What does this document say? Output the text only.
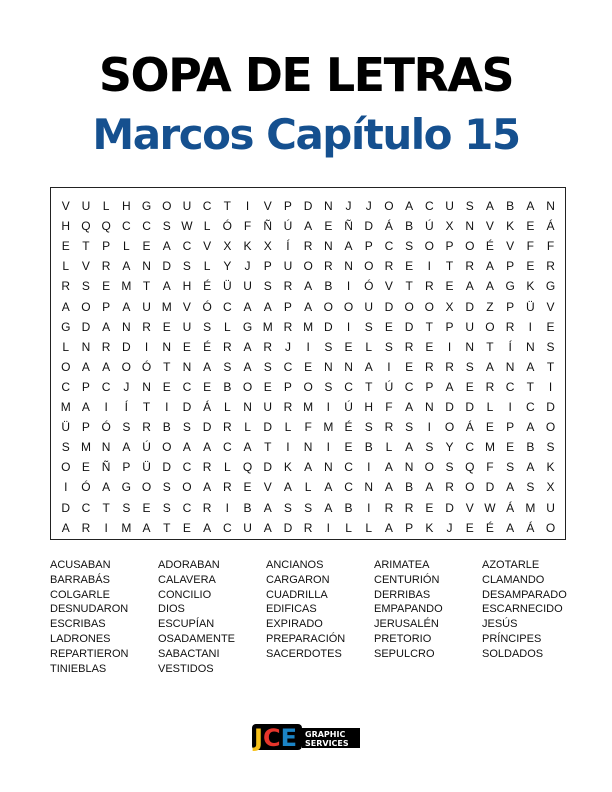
SOPA DE LETRAS
Marcos Capítulo 15
V U	L	H G O U C T	I	V P D N	J	J	O A C U S A B A N
H Q Q C C S W L Ó F Ñ Ú A E Ñ D Á B Ú X N V K E Á
E	T	P	L	E A C V X K X	Í	R N A P C S O P O É V	F	F
L	V R A N D S	L	Y	J	P U O R N O R E	I	T R A P E R
R S E M T	A H É Ü U S R A B	I	Ó V	T R E A A G K G
A O P A U M V Ó C A A P A O O U D O O X D Z	P Ü V
G D A N R E U S	L G M R M D	I	S E D T	P U O R	I	E
L	N R D	I	N E É R A R	J	I	S E	L	S R E	I	N T	Í	N S
O A A O Ó T N A S A S C E N N A	I	E R R S A N A	T
C P C	J	N E C E B O E P O S C T Ú C P A E R C T	I
M A	I	Í	T	I	D Á	L	N U R M	I	Ú H F	A N D D	L	I	C D
Ü P Ó S R B S D R	L	D	L	F M É S R S	I	O Á E P A O
S M N A Ú O A A C A	T	I	N	I	E B	L	A S Y C M E B S
O E Ñ P Ü D C R	L Q D K A N C	I	A N O S Q F	S A K
I	Ó A G O S O A R E V A	L	A C N A B A R O D A S X
D C T	S E S C R	I	B A S S A B	I	R R E D V W Á M U
A R	I	M A	T	E A C U A D R	I	L	L	A P K	J	E É A Á O
ACUSABAN
BARRABÁS
COLGARLE
DESNUDARON
ESCRIBAS
LADRONES
REPARTIERON
TINIEBLAS
ADORABAN
CALAVERA
CONCILIO
DIOS
ESCUPÍAN
OSADAMENTE
SABACTANI
VESTIDOS
ANCIANOS
CARGARON
CUADRILLA
EDIFICAS
EXPIRADO
PREPARACIÓN
SACERDOTES
ARIMATEA
CENTURIÓN
DERRIBAS
EMPAPANDO
JERUSALÉN
PRETORIO
SEPULCRO
AZOTARLE
CLAMANDO
DESAMPARADO
ESCARNECIDO
JESÚS
PRÍNCIPES
SOLDADOS
JCE GRAPHIC
SERVICES
